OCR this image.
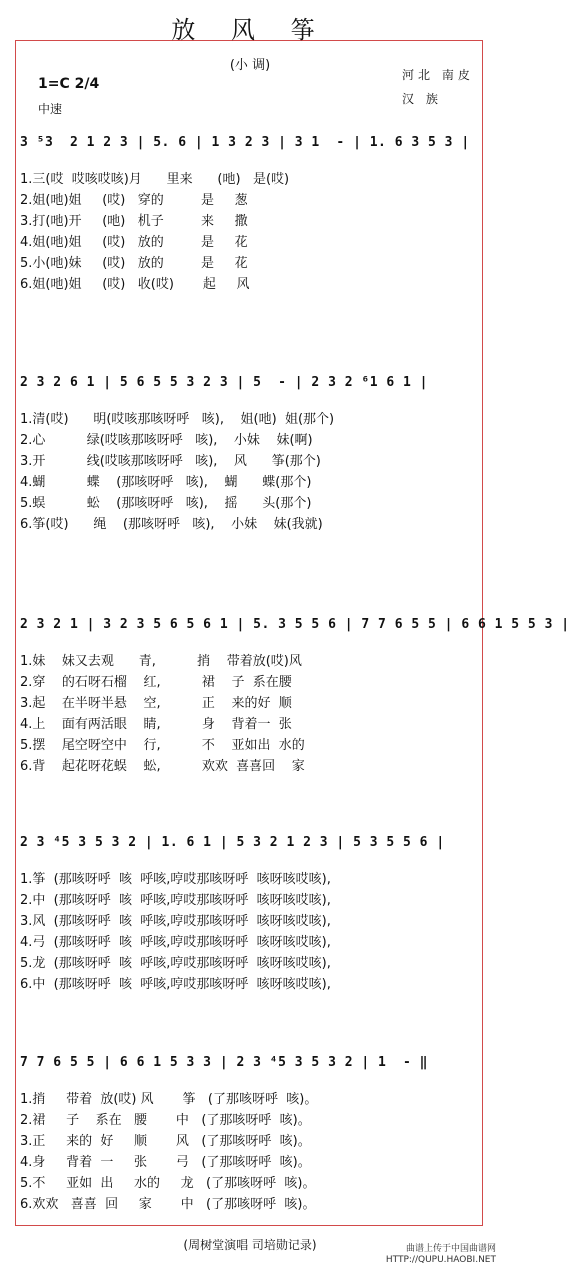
放 风 筝
(小 调)
1=C 2/4
中速
河北 南皮
汉 族
3 ⁵3  2 1 2 3 | 5. 6 | 1 3 2 3 | 3 1  - | 1. 6 3 5 3 |
1.三(哎  哎咳哎咳)月      里来      (吔)   是(哎)
2.姐(吔)姐     (哎)   穿的         是     葱
3.打(吔)开     (吔)   机子         来     撒
4.姐(吔)姐     (哎)   放的         是     花
5.小(吔)妹     (哎)   放的         是     花
6.姐(吔)姐     (哎)   收(哎)       起     风
2 3 2 6 1 | 5 6 5 5 3 2 3 | 5  - | 2 3 2 ⁶1 6 1 |
1.清(哎)      明(哎咳那咳呀呼   咳),    姐(吔)  姐(那个)
2.心          绿(哎咳那咳呀呼   咳),    小妹    妹(啊)
3.开          线(哎咳那咳呀呼   咳),    风      筝(那个)
4.蝴          蝶    (那咳呀呼   咳),    蝴      蝶(那个)
5.蜈          蚣    (那咳呀呼   咳),    摇      头(那个)
6.筝(哎)      绳    (那咳呀呼   咳),    小妹    妹(我就)
2 3 2 1 | 3 2 3 5 6 5 6 1 | 5. 3 5 5 6 | 7 7 6 5 5 | 6 6 1 5 5 3 |
1.妹    妹又去观      青,          捎    带着放(哎)风
2.穿    的石呀石榴    红,          裙    子  系在腰
3.起    在半呀半悬    空,          正    来的好  顺
4.上    面有两活眼    睛,          身    背着一  张
5.摆    尾空呀空中    行,          不    亚如出  水的
6.背    起花呀花蜈    蚣,          欢欢  喜喜回    家
2 3 ⁴5 3 5 3 2 | 1. 6 1 | 5 3 2 1 2 3 | 5 3 5 5 6 |
1.筝  (那咳呀呼  咳  呼咳,哼哎那咳呀呼  咳呀咳哎咳),
2.中  (那咳呀呼  咳  呼咳,哼哎那咳呀呼  咳呀咳哎咳),
3.风  (那咳呀呼  咳  呼咳,哼哎那咳呀呼  咳呀咳哎咳),
4.弓  (那咳呀呼  咳  呼咳,哼哎那咳呀呼  咳呀咳哎咳),
5.龙  (那咳呀呼  咳  呼咳,哼哎那咳呀呼  咳呀咳哎咳),
6.中  (那咳呀呼  咳  呼咳,哼哎那咳呀呼  咳呀咳哎咳),
7 7 6 5 5 | 6 6 1 5 3 3 | 2 3 ⁴5 3 5 3 2 | 1  - ‖
1.捎     带着  放(哎) 风       筝   (了那咳呀呼  咳)。
2.裙     子    系在   腰       中   (了那咳呀呼  咳)。
3.正     来的  好     顺       风   (了那咳呀呼  咳)。
4.身     背着  一     张       弓   (了那咳呀呼  咳)。
5.不     亚如  出     水的     龙   (了那咳呀呼  咳)。
6.欢欢   喜喜  回     家       中   (了那咳呀呼  咳)。
(周树堂演唱 司培勋记录)	曲谱上传于中国曲谱网
HTTP://QUPU.HAOBI.NET
